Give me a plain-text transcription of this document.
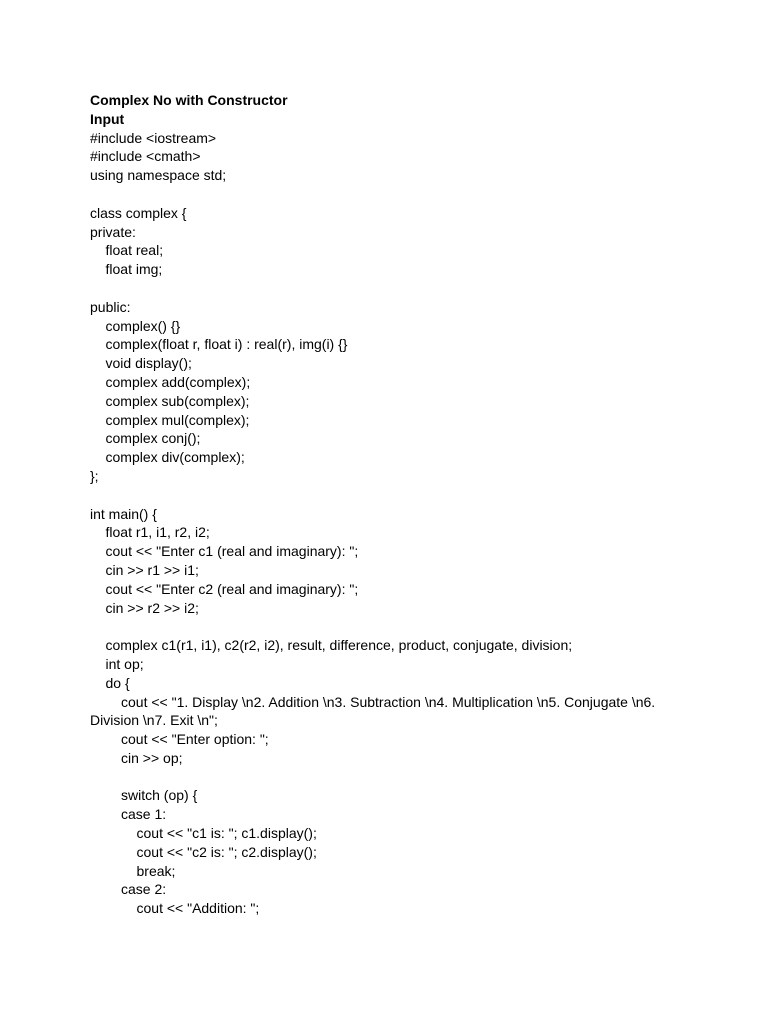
Complex No with Constructor
Input
#include <iostream>
#include <cmath>
using namespace std;
class complex {
private:
float real;
float img;
public:
complex() {}
complex(float r, float i) : real(r), img(i) {}
void display();
complex add(complex);
complex sub(complex);
complex mul(complex);
complex conj();
complex div(complex);
};
int main() {
float r1, i1, r2, i2;
cout << "Enter c1 (real and imaginary): ";
cin >> r1 >> i1;
cout << "Enter c2 (real and imaginary): ";
cin >> r2 >> i2;
complex c1(r1, i1), c2(r2, i2), result, difference, product, conjugate, division;
int op;
do {
cout << "1. Display \n2. Addition \n3. Subtraction \n4. Multiplication \n5. Conjugate \n6.
Division \n7. Exit \n";
cout << "Enter option: ";
cin >> op;
switch (op) {
case 1:
cout << "c1 is: "; c1.display();
cout << "c2 is: "; c2.display();
break;
case 2:
cout << "Addition: ";
